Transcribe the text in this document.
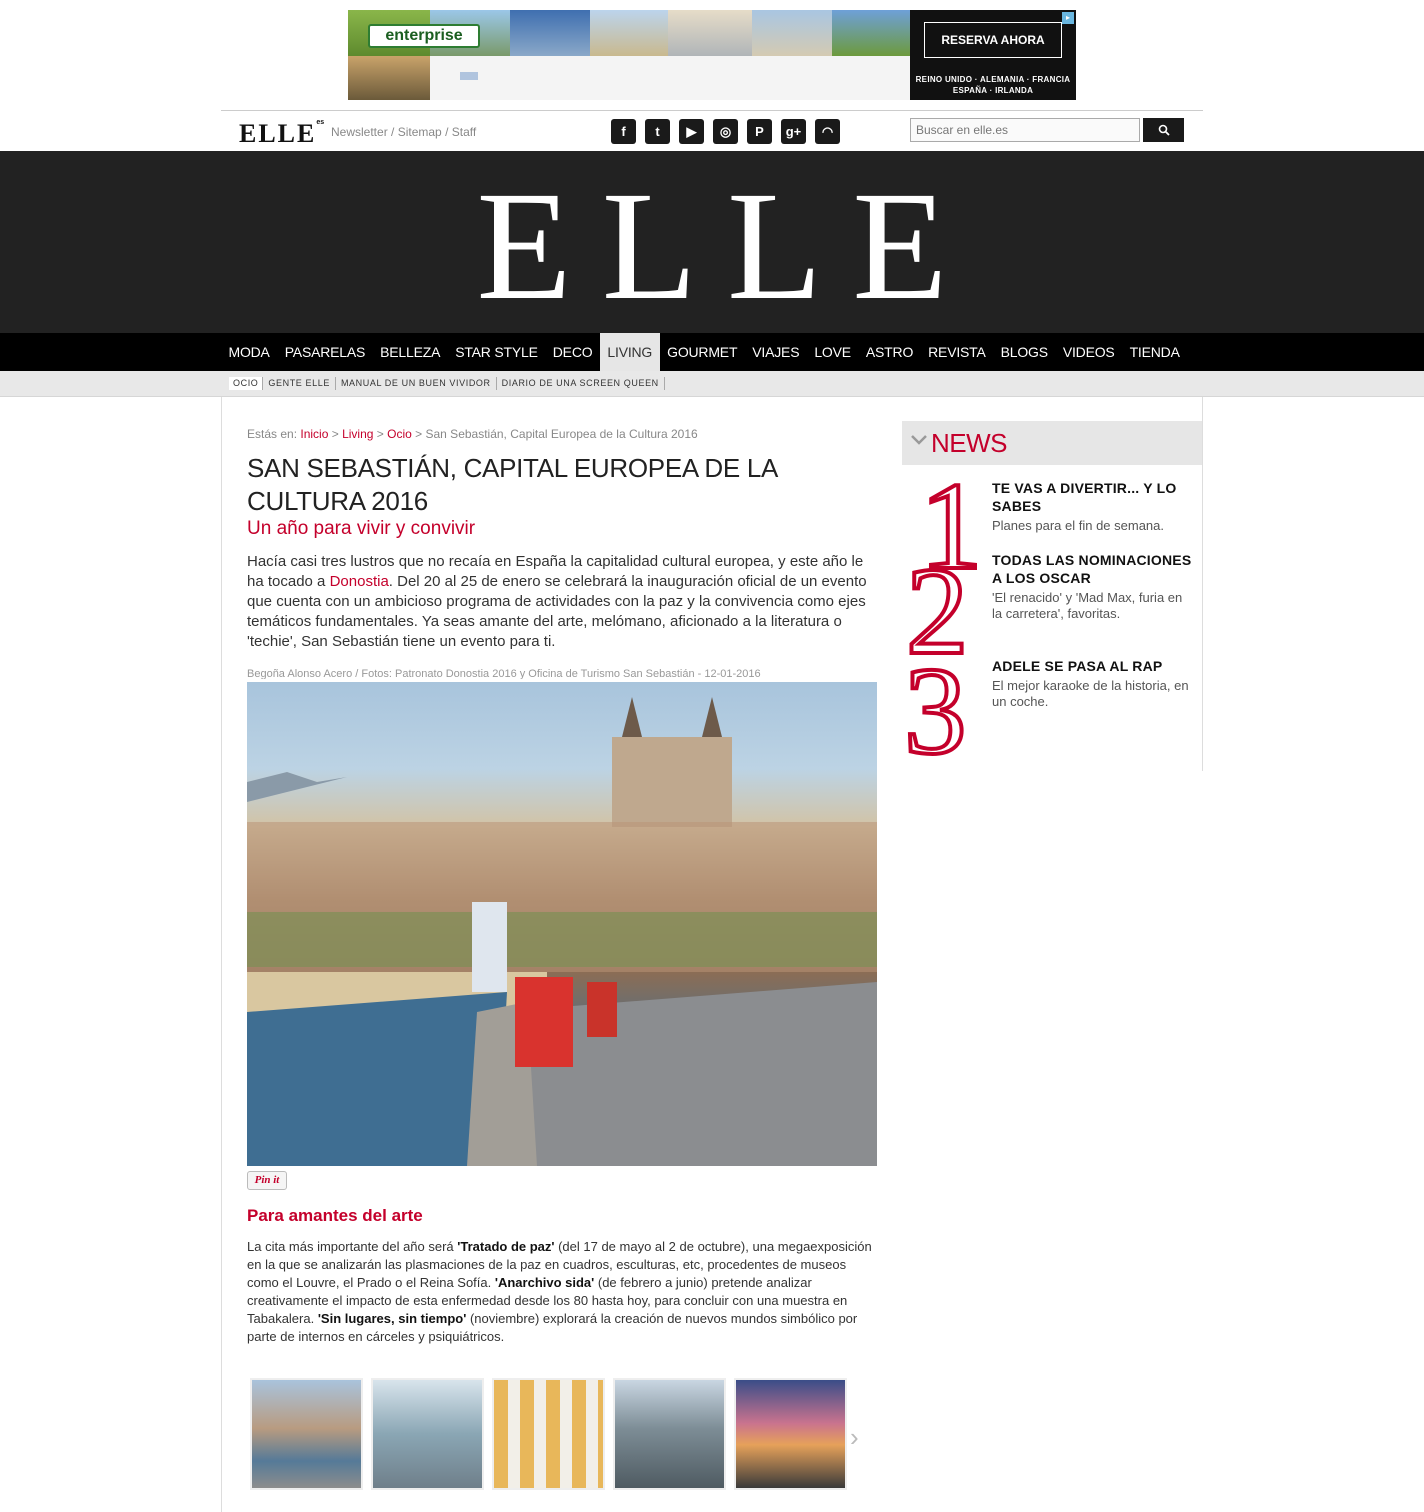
enterprise	RESERVA AHORA
REINO UNIDO · ALEMANIA · FRANCIA
ESPAÑA · IRLANDA
▸
$ELLE^{es}$
Newsletter / Sitemap / Staff	f	t	▶	◎	P	g+	◠	Buscar en elle.es
ELLE
MODA	PASARELAS	BELLEZA	STAR STYLE	DECO	LIVING	GOURMET	VIAJES	LOVE	ASTRO	REVISTA	BLOGS	VIDEOS	TIENDA
OCIO	GENTE ELLE	MANUAL DE UN BUEN VIVIDOR	DIARIO DE UNA SCREEN QUEEN
Estás en: Inicio > Living > Ocio > San Sebastián, Capital Europea de la Cultura 2016
SAN SEBASTIÁN, CAPITAL EUROPEA DE LA CULTURA 2016
Un año para vivir y convivir

Hacía casi tres lustros que no recaía en España la capitalidad cultural europea, y este año le ha tocado a Donostia. Del 20 al 25 de enero se celebrará la inauguración oficial de un evento que cuenta con un ambicioso programa de actividades con la paz y la convivencia como ejes temáticos fundamentales. Ya seas amante del arte, melómano, aficionado a la literatura o 'techie', San Sebastián tiene un evento para ti.

Begoña Alonso Acero / Fotos: Patronato Donostia 2016 y Oficina de Turismo San Sebastián - 12-01-2016
Pin it
Para amantes del arte

La cita más importante del año será 'Tratado de paz' (del 17 de mayo al 2 de octubre), una megaexposición en la que se analizarán las plasmaciones de la paz en cuadros, esculturas, etc, procedentes de museos como el Louvre, el Prado o el Reina Sofía. 'Anarchivo sida' (de febrero a junio) pretende analizar creativamente el impacto de esta enfermedad desde los 80 hasta hoy, para concluir con una muestra en Tabakalera. 'Sin lugares, sin tiempo' (noviembre) explorará la creación de nuevos mundos simbólico por parte de internos en cárceles y psiquiátricos.

›
NEWS
1
2
3
TE VAS A DIVERTIR... Y LO SABES
Planes para el fin de semana.
TODAS LAS NOMINACIONES A LOS OSCAR
'El renacido' y 'Mad Max, furia en la carretera', favoritas.
ADELE SE PASA AL RAP
El mejor karaoke de la historia, en un coche.
